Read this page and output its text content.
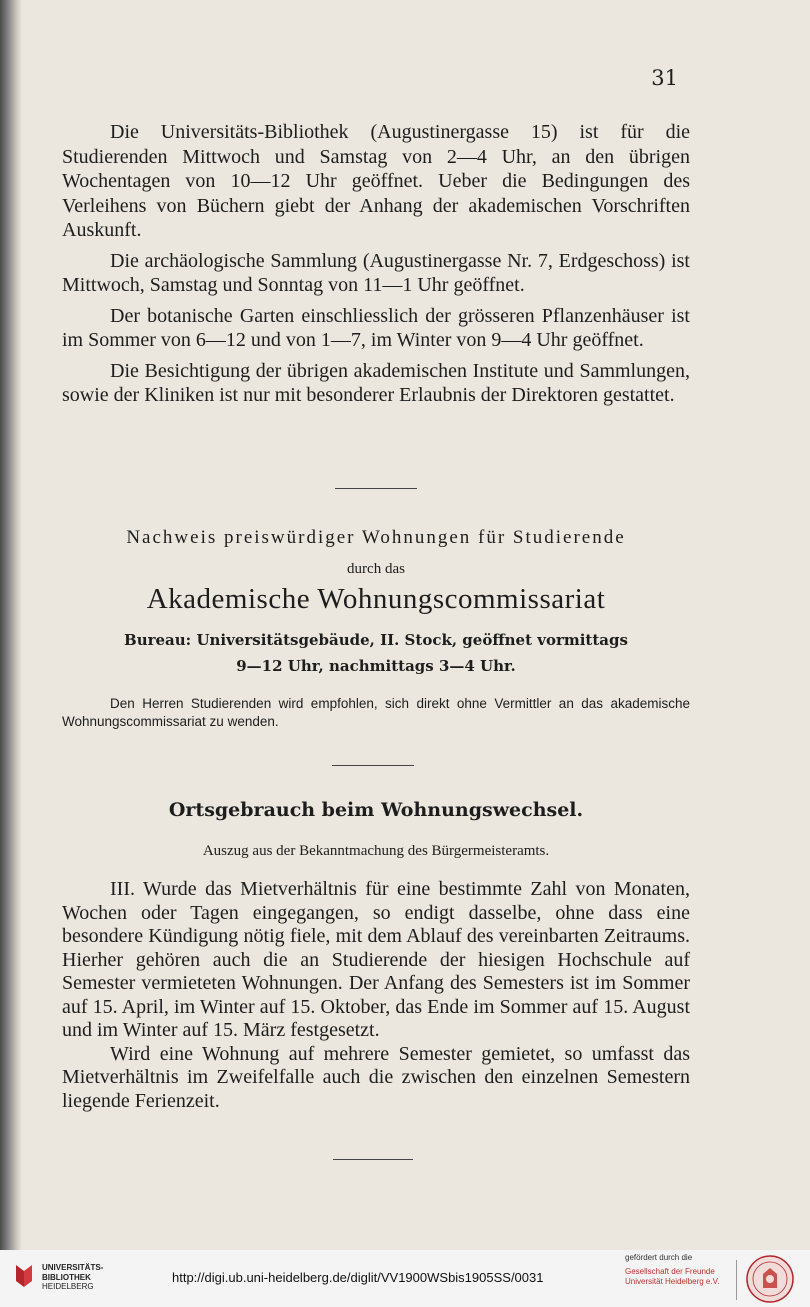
31

Die Universitäts-Bibliothek (Augustinergasse 15) ist für die Studierenden Mittwoch und Samstag von 2—4 Uhr, an den übrigen Wochentagen von 10—12 Uhr geöffnet. Ueber die Bedingungen des Verleihens von Büchern giebt der Anhang der akademischen Vorschriften Auskunft.

Die archäologische Sammlung (Augustinergasse Nr. 7, Erdgeschoss) ist Mittwoch, Samstag und Sonntag von 11—1 Uhr geöffnet.

Der botanische Garten einschliesslich der grösseren Pflanzenhäuser ist im Sommer von 6—12 und von 1—7, im Winter von 9—4 Uhr geöffnet.

Die Besichtigung der übrigen akademischen Institute und Sammlungen, sowie der Kliniken ist nur mit besonderer Erlaubnis der Direktoren gestattet.

Nachweis preiswürdiger Wohnungen für Studierende
durch das
Akademische Wohnungscommissariat
Bureau: Universitätsgebäude, II. Stock, geöffnet vormittags
9—12 Uhr, nachmittags 3—4 Uhr.

Den Herren Studierenden wird empfohlen, sich direkt ohne Vermittler an das akademische Wohnungscommissariat zu wenden.

Ortsgebrauch beim Wohnungswechsel.
Auszug aus der Bekanntmachung des Bürgermeisteramts.

III. Wurde das Mietverhältnis für eine bestimmte Zahl von Monaten, Wochen oder Tagen eingegangen, so endigt dasselbe, ohne dass eine besondere Kündigung nötig fiele, mit dem Ablauf des vereinbarten Zeitraums. Hierher gehören auch die an Studierende der hiesigen Hochschule auf Semester vermieteten Wohnungen. Der Anfang des Semesters ist im Sommer auf 15. April, im Winter auf 15. Oktober, das Ende im Sommer auf 15. August und im Winter auf 15. März festgesetzt.

Wird eine Wohnung auf mehrere Semester gemietet, so umfasst das Mietverhältnis im Zweifelfalle auch die zwischen den einzelnen Semestern liegende Ferienzeit.

UNIVERSITÄTS-
BIBLIOTHEK
HEIDELBERG
http://digi.ub.uni-heidelberg.de/diglit/VV1900WSbis1905SS/0031
gefördert durch die
Gesellschaft der Freunde
Universität Heidelberg e.V.
